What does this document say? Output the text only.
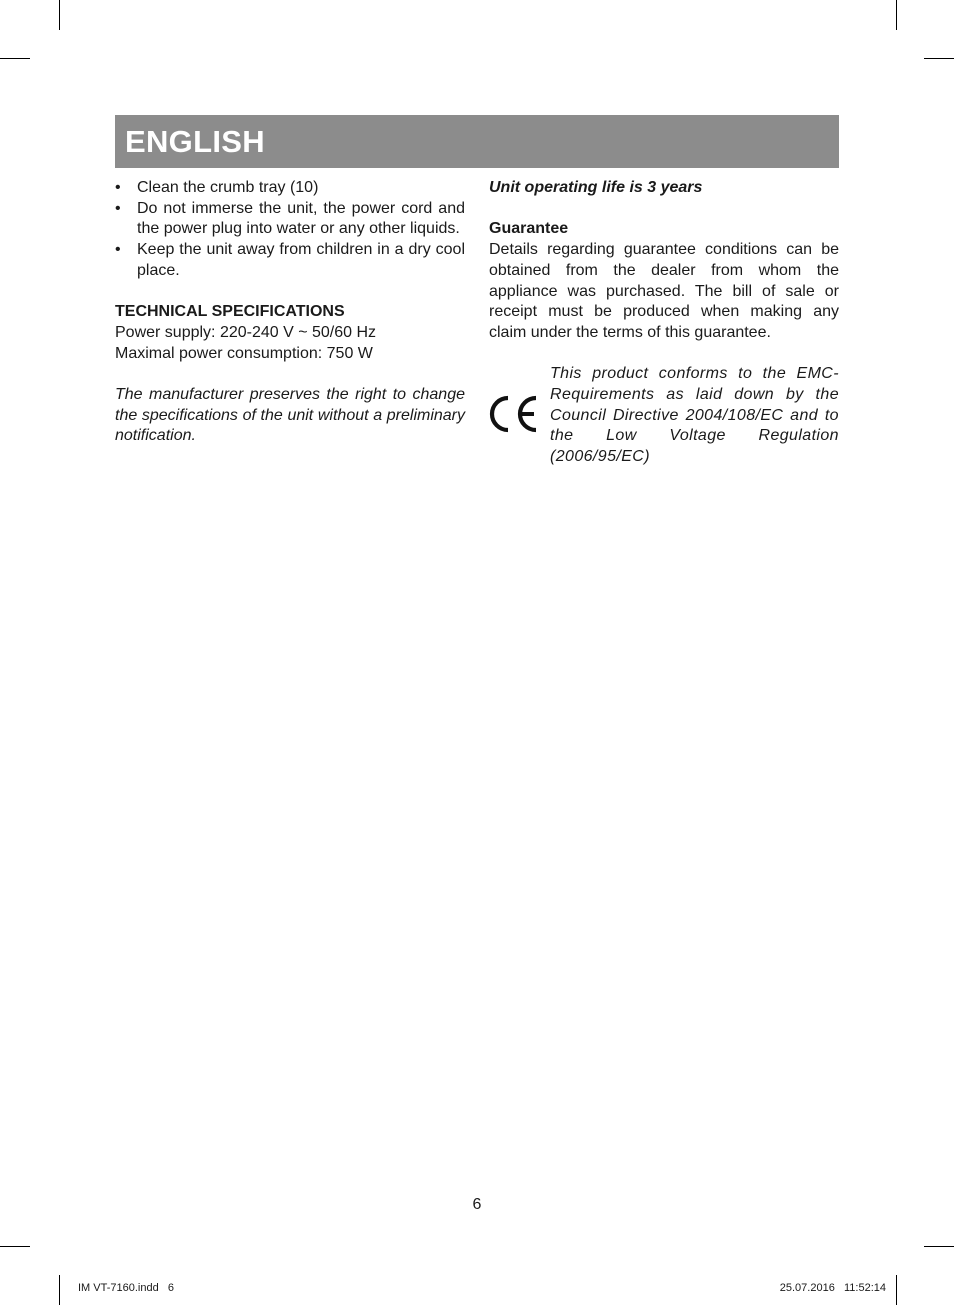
ENGLISH
• Clean the crumb tray (10)
• Do not immerse the unit, the power cord and the power plug into water or any other liquids.
• Keep the unit away from children in a dry cool place.
TECHNICAL SPECIFICATIONS
Power supply: 220-240 V ~ 50/60 Hz
Maximal power consumption: 750 W
The manufacturer preserves the right to change the specifications of the unit without a preliminary notification.
Unit operating life is 3 years
Guarantee
Details regarding guarantee conditions can be obtained from the dealer from whom the appliance was purchased. The bill of sale or receipt must be produced when making any claim under the terms of this guarantee.
This product conforms to the EMC-Requirements as laid down by the Council Directive 2004/108/EC and to the Low Voltage Regulation (2006/95/EC)
6
IM VT-7160.indd   6	25.07.2016   11:52:14
